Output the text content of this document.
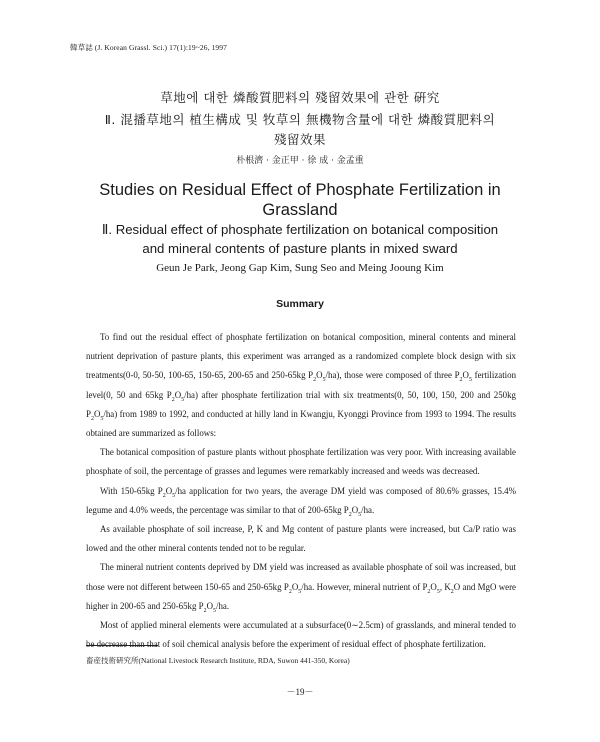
韓草誌 (J. Korean Grassl. Sci.) 17(1):19~26, 1997
草地에 대한 燐酸質肥料의 殘留效果에 관한 硏究
Ⅱ. 混播草地의 植生構成 및 牧草의 無機物含量에 대한 燐酸質肥料의
殘留效果
朴根濟 · 金正甲 · 徐 成 · 金孟重
Studies on Residual Effect of Phosphate Fertilization in
Grassland
Ⅱ. Residual effect of phosphate fertilization on botanical composition
and mineral contents of pasture plants in mixed sward
Geun Je Park, Jeong Gap Kim, Sung Seo and Meing Jooung Kim
Summary

To find out the residual effect of phosphate fertilization on botanical composition, mineral contents and mineral nutrient deprivation of pasture plants, this experiment was arranged as a randomized complete block design with six treatments(0-0, 50-50, 100-65, 150-65, 200-65 and 250-65kg $P_2O_5/ha$), those were composed of three $P_2O_5$ fertilization level(0, 50 and 65kg $P_2O_5/ha$) after phosphate fertilization trial with six treatments(0, 50, 100, 150, 200 and 250kg $P_2O_5/ha$) from 1989 to 1992, and conducted at hilly land in Kwangju, Kyonggi Province from 1993 to 1994. The results obtained are summarized as follows:

The botanical composition of pasture plants without phosphate fertilization was very poor. With increasing available phosphate of soil, the percentage of grasses and legumes were remarkably increased and weeds was decreased.

With 150-65kg $P_2O_5/ha$ application for two years, the average DM yield was composed of 80.6% grasses, 15.4% legume and 4.0% weeds, the percentage was similar to that of 200-65kg $P_2O_5/ha$.

As available phosphate of soil increase, P, K and Mg content of pasture plants were increased, but Ca/P ratio was lowed and the other mineral contents tended not to be regular.

The mineral nutrient contents deprived by DM yield was increased as available phosphate of soil was increased, but those were not different between 150-65 and 250-65kg $P_2O_5/ha$. However, mineral nutrient of $P_2O_5$, $K_2O$ and MgO were higher in 200-65 and 250-65kg $P_2O_5/ha$.

Most of applied mineral elements were accumulated at a subsurface(0∼2.5cm) of grasslands, and mineral tended to be decrease than that of soil chemical analysis before the experiment of residual effect of phosphate fertilization.

畜産技術硏究所(National Livestock Research Institute, RDA, Suwon 441-350, Korea)
－19－
